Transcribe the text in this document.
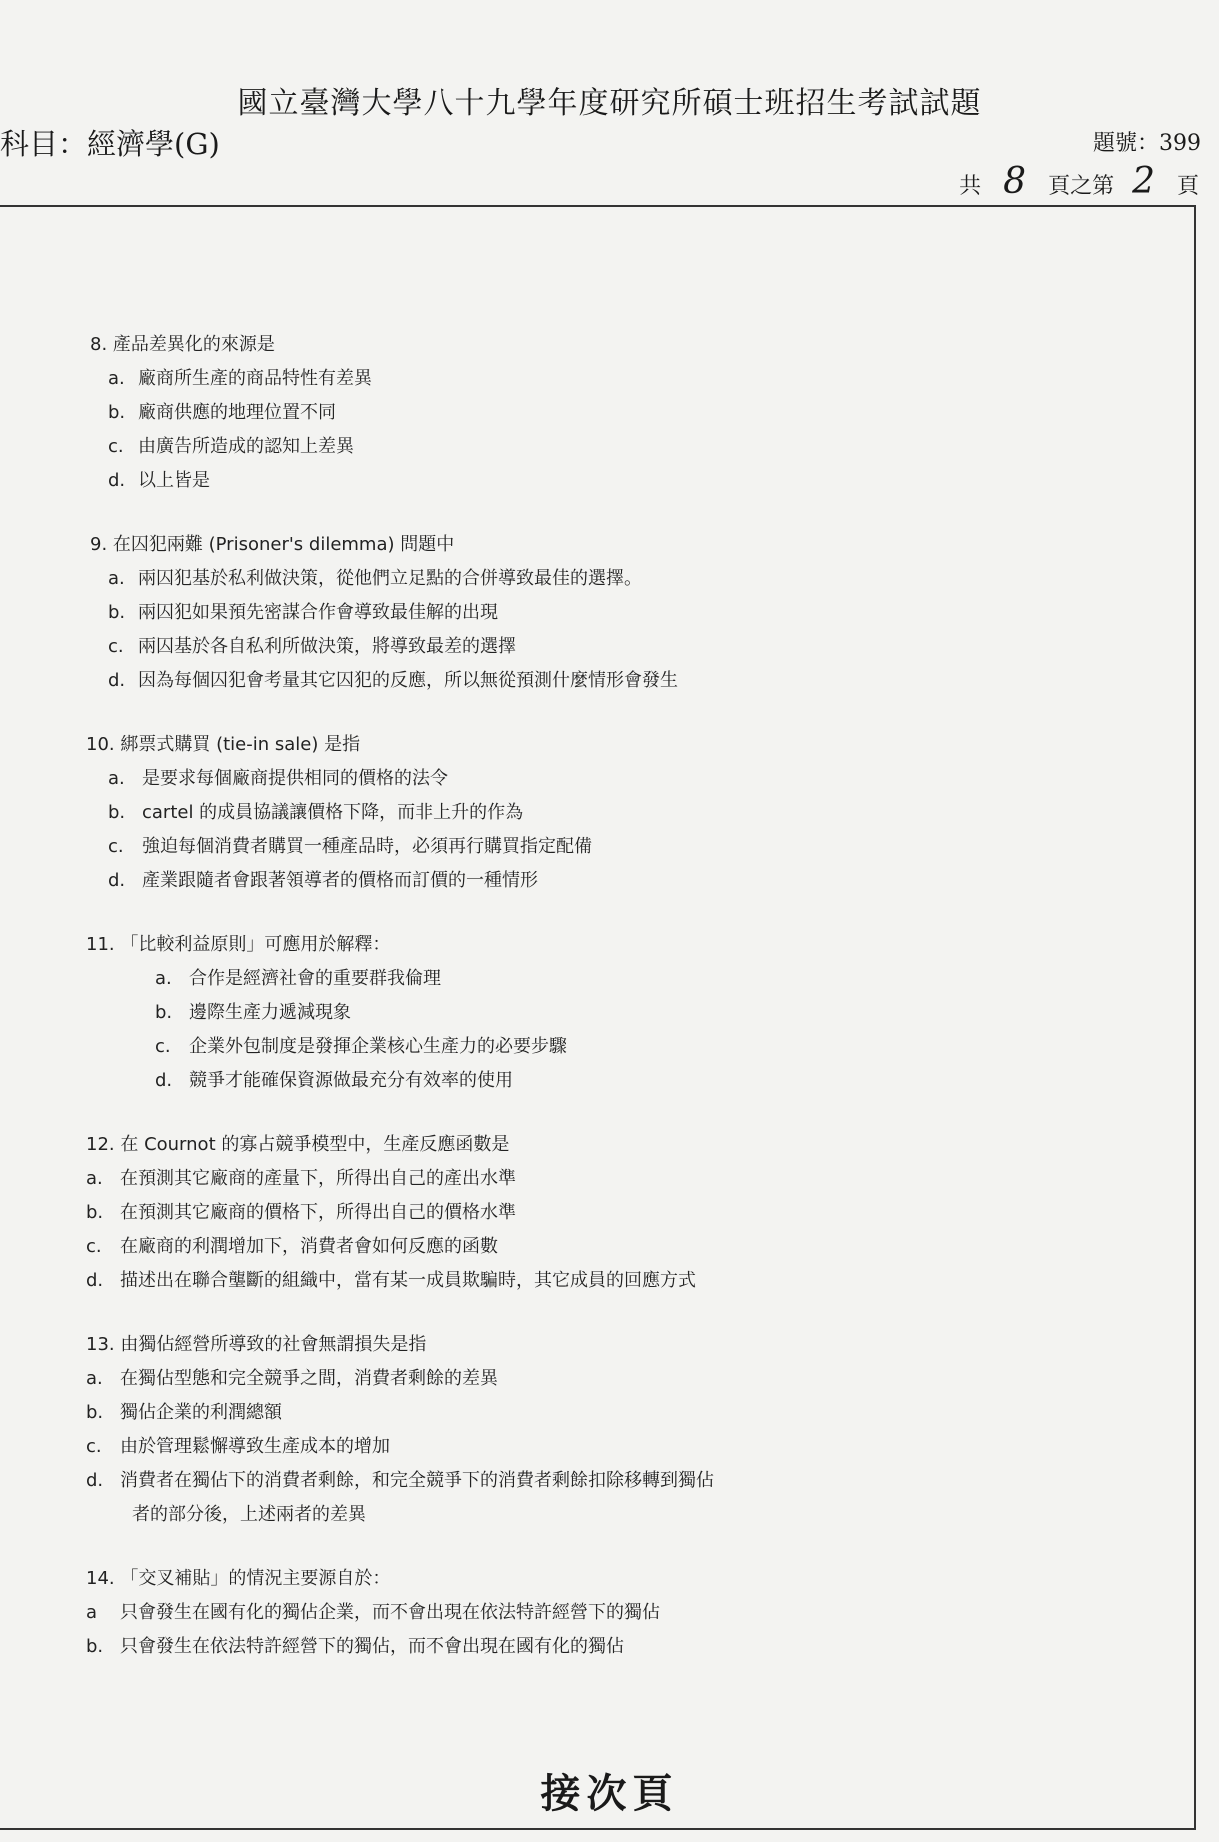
國立臺灣大學八十九學年度研究所碩士班招生考試試題
科目：經濟學(G)	題號：399
共 8 頁之第 2 頁
8. 產品差異化的來源是
a. 廠商所生產的商品特性有差異
b. 廠商供應的地理位置不同
c. 由廣告所造成的認知上差異
d. 以上皆是
9. 在囚犯兩難 (Prisoner's dilemma) 問題中
a. 兩囚犯基於私利做決策，從他們立足點的合併導致最佳的選擇。
b. 兩囚犯如果預先密謀合作會導致最佳解的出現
c. 兩囚基於各自私利所做決策，將導致最差的選擇
d. 因為每個囚犯會考量其它囚犯的反應，所以無從預測什麼情形會發生
10. 綁票式購買 (tie-in sale) 是指
a. 是要求每個廠商提供相同的價格的法令
b. cartel 的成員協議讓價格下降，而非上升的作為
c. 強迫每個消費者購買一種產品時，必須再行購買指定配備
d. 產業跟隨者會跟著領導者的價格而訂價的一種情形
11. 「比較利益原則」可應用於解釋：
a. 合作是經濟社會的重要群我倫理
b. 邊際生產力遞減現象
c. 企業外包制度是發揮企業核心生產力的必要步驟
d. 競爭才能確保資源做最充分有效率的使用
12. 在 Cournot 的寡占競爭模型中，生產反應函數是
a. 在預測其它廠商的產量下，所得出自己的產出水準
b. 在預測其它廠商的價格下，所得出自己的價格水準
c. 在廠商的利潤增加下，消費者會如何反應的函數
d. 描述出在聯合壟斷的組織中，當有某一成員欺騙時，其它成員的回應方式
13. 由獨佔經營所導致的社會無謂損失是指
a. 在獨佔型態和完全競爭之間，消費者剩餘的差異
b. 獨佔企業的利潤總額
c. 由於管理鬆懈導致生產成本的增加
d. 消費者在獨佔下的消費者剩餘，和完全競爭下的消費者剩餘扣除移轉到獨佔
者的部分後，上述兩者的差異
14. 「交叉補貼」的情況主要源自於：
a 只會發生在國有化的獨佔企業，而不會出現在依法特許經營下的獨佔
b. 只會發生在依法特許經營下的獨佔，而不會出現在國有化的獨佔
接次頁
